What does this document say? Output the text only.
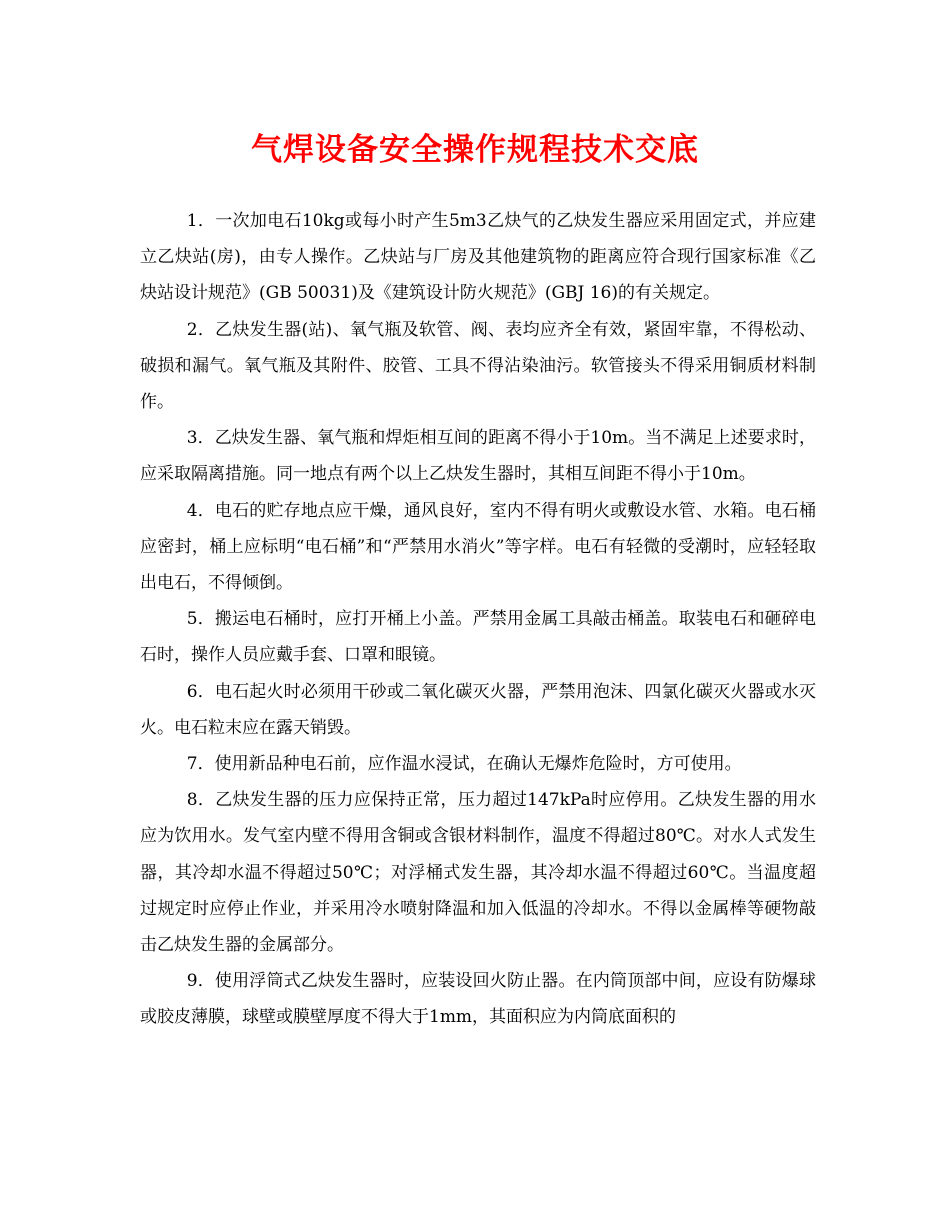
气焊设备安全操作规程技术交底

1．一次加电石10kg或每小时产生5m3乙炔气的乙炔发生器应采用固定式，并应建立乙炔站(房)，由专人操作。乙炔站与厂房及其他建筑物的距离应符合现行国家标准《乙炔站设计规范》(GB 50031)及《建筑设计防火规范》(GBJ 16)的有关规定。

2．乙炔发生器(站)、氧气瓶及软管、阀、表均应齐全有效，紧固牢靠，不得松动、破损和漏气。氧气瓶及其附件、胶管、工具不得沾染油污。软管接头不得采用铜质材料制作。

3．乙炔发生器、氧气瓶和焊炬相互间的距离不得小于10m。当不满足上述要求时，应采取隔离措施。同一地点有两个以上乙炔发生器时，其相互间距不得小于10m。

4．电石的贮存地点应干燥，通风良好，室内不得有明火或敷设水管、水箱。电石桶应密封，桶上应标明“电石桶”和“严禁用水消火”等字样。电石有轻微的受潮时，应轻轻取出电石，不得倾倒。

5．搬运电石桶时，应打开桶上小盖。严禁用金属工具敲击桶盖。取装电石和砸碎电石时，操作人员应戴手套、口罩和眼镜。

6．电石起火时必须用干砂或二氧化碳灭火器，严禁用泡沫、四氯化碳灭火器或水灭火。电石粒末应在露天销毁。

7．使用新品种电石前，应作温水浸试，在确认无爆炸危险时，方可使用。

8．乙炔发生器的压力应保持正常，压力超过147kPa时应停用。乙炔发生器的用水应为饮用水。发气室内壁不得用含铜或含银材料制作，温度不得超过80℃。对水人式发生器，其冷却水温不得超过50℃；对浮桶式发生器，其冷却水温不得超过60℃。当温度超过规定时应停止作业，并采用冷水喷射降温和加入低温的冷却水。不得以金属棒等硬物敲击乙炔发生器的金属部分。

9．使用浮筒式乙炔发生器时，应装设回火防止器。在内筒顶部中间，应设有防爆球或胶皮薄膜，球壁或膜壁厚度不得大于1mm，其面积应为内筒底面积的
